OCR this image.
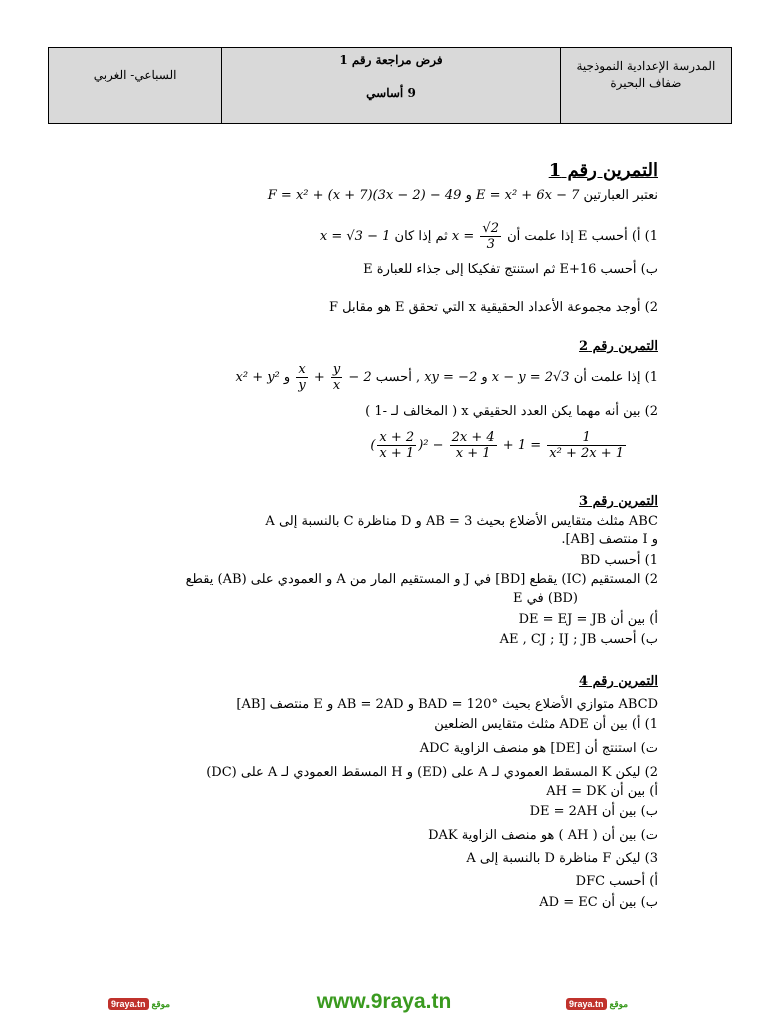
السباعي- الغربي	
فرض مراجعة رقم 1
9 أساسي

المدرسة الإعدادية النموذجية
ضفاف البحيرة
التمرين رقم 1
نعتبر العبارتين E = x² + 6x − 7 و F = x² + (x + 7)(3x − 2) − 49
1) أ) أحسب E إذا علمت أن $x = \frac{√2}{3}$
ثم إذا كان x = √3 − 1
ب) أحسب E+16 ثم استنتج تفكيكا إلى جذاء للعبارة E
2) أوجد مجموعة الأعداد الحقيقية x التي تحقق E هو مقابل F
التمرين رقم 2
1) إذا علمت أن x − y = 2√3 و xy = −2 , أحسب
$\frac{x}{y} + \frac{y}{x} - 2$ و x² + y²
2) بين أنه مهما يكن العدد الحقيقي x ( المخالف لـ -1 )
( $\frac{x + 2}{x + 1} )^2 - \frac{2x + 4}{x + 1} + 1 = \frac{1}{\text{x² + 2x + 1}}$
التمرين رقم 3
ABC مثلث متقايس الأضلاع بحيث AB = 3 و D مناظرة C بالنسبة إلى A
و I منتصف [AB].
1) أحسب BD
2) المستقيم (IC) يقطع [BD] في J و المستقيم المار من A و العمودي على (AB) يقطع
(BD) في E
أ) بين أن DE = EJ = JB
ب) أحسب AE , CJ ; IJ ; JB
التمرين رقم 4
ABCD متوازي الأضلاع بحيث BAD = 120° و AB = 2AD و E منتصف [AB]
1) أ) بين أن ADE مثلث متقايس الضلعين
ت) استنتج أن [DE] هو منصف الزاوية ADC
2) ليكن K المسقط العمودي لـ A على (ED) و H المسقط العمودي لـ A على (DC)
أ) بين أن AH = DK
ب) بين أن DE = 2AH
ت) بين أن ( AH ) هو منصف الزاوية DAK
3) ليكن F مناظرة D بالنسبة إلى A
أ) أحسب DFC
ب) بين أن AD = EC
9raya.tn موقع	www.9raya.tn	9raya.tn موقع
